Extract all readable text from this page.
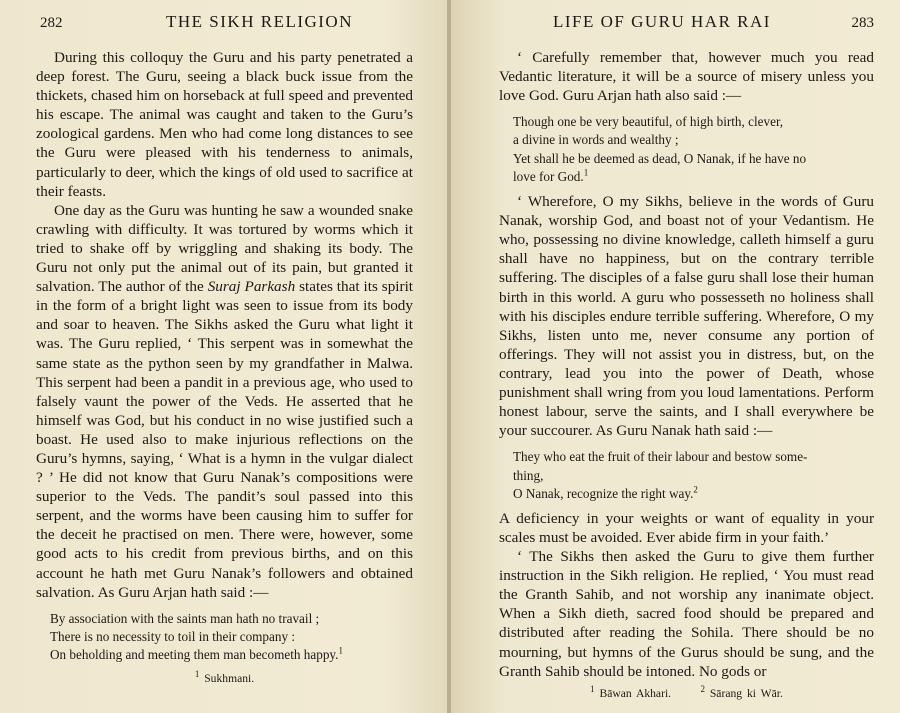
282	THE SIKH RELIGION

During this colloquy the Guru and his party penetrated a deep forest. The Guru, seeing a black buck issue from the thickets, chased him on horseback at full speed and prevented his escape. The animal was caught and taken to the Guru’s zoological gardens. Men who had come long distances to see the Guru were pleased with his tenderness to animals, particularly to deer, which the kings of old used to sacrifice at their feasts.

One day as the Guru was hunting he saw a wounded snake crawling with difficulty. It was tortured by worms which it tried to shake off by wriggling and shaking its body. The Guru not only put the animal out of its pain, but granted it salvation. The author of the Suraj Parkash states that its spirit in the form of a bright light was seen to issue from its body and soar to heaven. The Sikhs asked the Guru what light it was. The Guru replied, ‘ This serpent was in somewhat the same state as the python seen by my grandfather in Malwa. This serpent had been a pandit in a previous age, who used to falsely vaunt the power of the Veds. He asserted that he himself was God, but his conduct in no wise justified such a boast. He used also to make injurious reflections on the Guru’s hymns, saying, ‘ What is a hymn in the vulgar dialect ? ’ He did not know that Guru Nanak’s compositions were superior to the Veds. The pandit’s soul passed into this serpent, and the worms have been causing him to suffer for the deceit he practised on men. There were, however, some good acts to his credit from previous births, and on this account he hath met Guru Nanak’s followers and obtained salvation. As Guru Arjan hath said :—

By association with the saints man hath no travail ;
There is no necessity to toil in their company :
On beholding and meeting them man becometh happy.$^1$
$^1$ Sukhmani.
LIFE OF GURU HAR RAI	283

‘ Carefully remember that, however much you read Vedantic literature, it will be a source of misery unless you love God. Guru Arjan hath also said :—

Though one be very beautiful, of high birth, clever,
a divine in words and wealthy ;
Yet shall he be deemed as dead, O Nanak, if he have no
love for God.$^1$

‘ Wherefore, O my Sikhs, believe in the words of Guru Nanak, worship God, and boast not of your Vedantism. He who, possessing no divine knowledge, calleth himself a guru shall have no happiness, but on the contrary terrible suffering. The disciples of a false guru shall lose their human birth in this world. A guru who possesseth no holiness shall with his disciples endure terrible suffering. Wherefore, O my Sikhs, listen unto me, never consume any portion of offerings. They will not assist you in distress, but, on the contrary, lead you into the power of Death, whose punishment shall wring from you loud lamentations. Perform honest labour, serve the saints, and I shall everywhere be your succourer. As Guru Nanak hath said :—

They who eat the fruit of their labour and bestow some-
thing,
O Nanak, recognize the right way.$^2$

A deficiency in your weights or want of equality in your scales must be avoided. Ever abide firm in your faith.’

‘ The Sikhs then asked the Guru to give them further instruction in the Sikh religion. He replied, ‘ You must read the Granth Sahib, and not worship any inanimate object. When a Sikh dieth, sacred food should be prepared and distributed after reading the Sohila. There should be no mourning, but hymns of the Gurus should be sung, and the Granth Sahib should be intoned. No gods or

$^1$ Bāwan Akhari.	$^2$ Sārang ki Wār.
